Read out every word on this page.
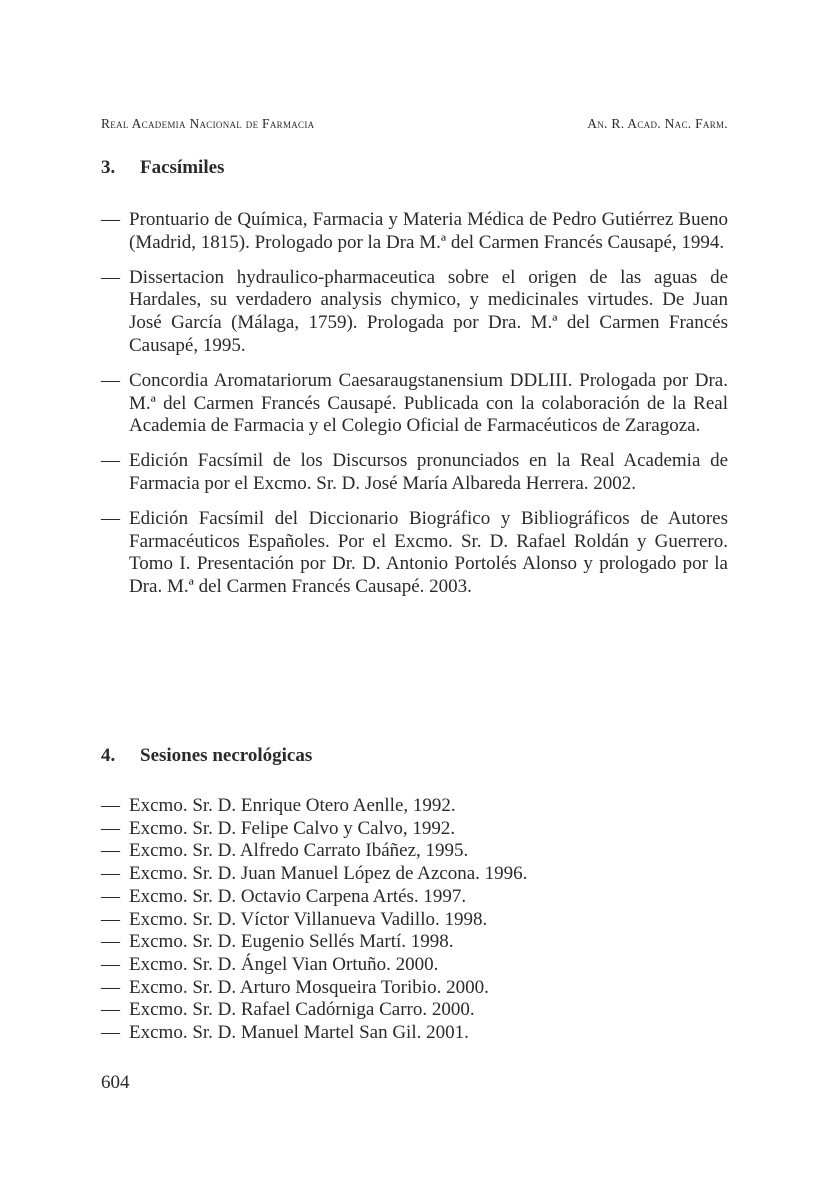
Real Academia Nacional de Farmacia	An. R. Acad. Nac. Farm.
3. Facsímiles
— Prontuario de Química, Farmacia y Materia Médica de Pedro Gutiérrez Bueno (Madrid, 1815). Prologado por la Dra M.ª del Carmen Francés Causapé, 1994.
— Dissertacion hydraulico-pharmaceutica sobre el origen de las aguas de Hardales, su verdadero analysis chymico, y medicinales virtudes. De Juan José García (Málaga, 1759). Prologada por Dra. M.ª del Carmen Francés Causapé, 1995.
— Concordia Aromatariorum Caesaraugstanensium DDLIII. Prologada por Dra. M.ª del Carmen Francés Causapé. Publicada con la colaboración de la Real Academia de Farmacia y el Colegio Oficial de Farmacéuticos de Zaragoza.
— Edición Facsímil de los Discursos pronunciados en la Real Academia de Farmacia por el Excmo. Sr. D. José María Albareda Herrera. 2002.
— Edición Facsímil del Diccionario Biográfico y Bibliográficos de Autores Farmacéuticos Españoles. Por el Excmo. Sr. D. Rafael Roldán y Guerrero. Tomo I. Presentación por Dr. D. Antonio Portolés Alonso y prologado por la Dra. M.ª del Carmen Francés Causapé. 2003.
4. Sesiones necrológicas
— Excmo. Sr. D. Enrique Otero Aenlle, 1992.
— Excmo. Sr. D. Felipe Calvo y Calvo, 1992.
— Excmo. Sr. D. Alfredo Carrato Ibáñez, 1995.
— Excmo. Sr. D. Juan Manuel López de Azcona. 1996.
— Excmo. Sr. D. Octavio Carpena Artés. 1997.
— Excmo. Sr. D. Víctor Villanueva Vadillo. 1998.
— Excmo. Sr. D. Eugenio Sellés Martí. 1998.
— Excmo. Sr. D. Ángel Vian Ortuño. 2000.
— Excmo. Sr. D. Arturo Mosqueira Toribio. 2000.
— Excmo. Sr. D. Rafael Cadórniga Carro. 2000.
— Excmo. Sr. D. Manuel Martel San Gil. 2001.
604
